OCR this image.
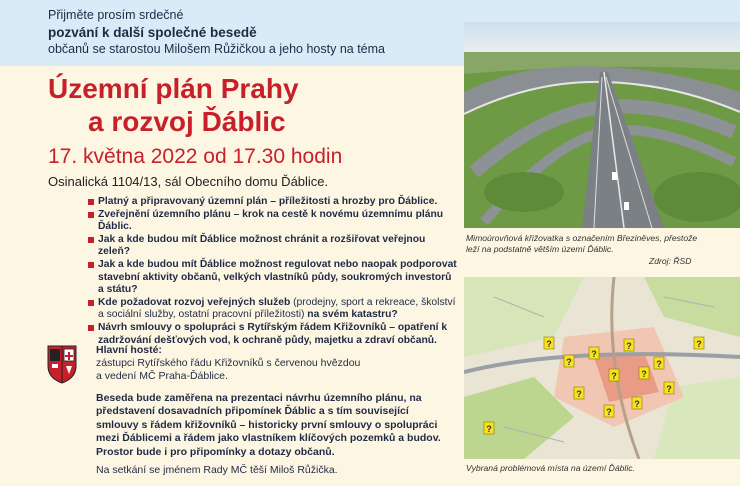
Přijměte prosím srdečné
pozvání k další společné besedě
občanů se starostou Milošem Růžičkou a jeho hosty na téma
Územní plán Prahy
a rozvoj Ďáblic
17. května 2022 od 17.30 hodin
Osinalická 1104/13, sál Obecního domu Ďáblice.
Platný a připravovaný územní plán – příležitosti a hrozby pro Ďáblice.
Zveřejnění územního plánu – krok na cestě k novému územnímu plánu Ďáblic.
Jak a kde budou mít Ďáblice možnost chránit a rozšiřovat veřejnou zeleň?
Jak a kde budou mít Ďáblice možnost regulovat nebo naopak podporovat stavební aktivity občanů, velkých vlastníků půdy, soukromých investorů a státu?
Kde požadovat rozvoj veřejných služeb (prodejny, sport a rekreace, školství a sociální služby, ostatní pracovní příležitosti) na svém katastru?
Návrh smlouvy o spolupráci s Rytířským řádem Křižovníků – opatření k zadržování dešťových vod, k ochraně půdy, majetku a zdraví občanů.
Hlavní hosté:
zástupci Rytířského řádu Křižovníků s červenou hvězdou
a vedení MČ Praha-Ďáblice.
Beseda bude zaměřena na prezentaci návrhu územního plánu, na představení dosavadních připomínek Ďáblic a s tím související smlouvy s řádem křižovníků – historicky první smlouvy o spolupráci mezi Ďáblicemi a řádem jako vlastníkem klíčových pozemků a budov. Prostor bude i pro připomínky a dotazy občanů.
Na setkání se jménem Rady MČ těší Miloš Růžička.
Mimoúrovňová křižovatka s označením Březiněves, přestože leží na podstatně větším území Ďáblic.
Zdroj: ŘSD
?
?
?
?
?
?
?
?
?
?
?
?
?
Vybraná problémová místa na území Ďáblic.
